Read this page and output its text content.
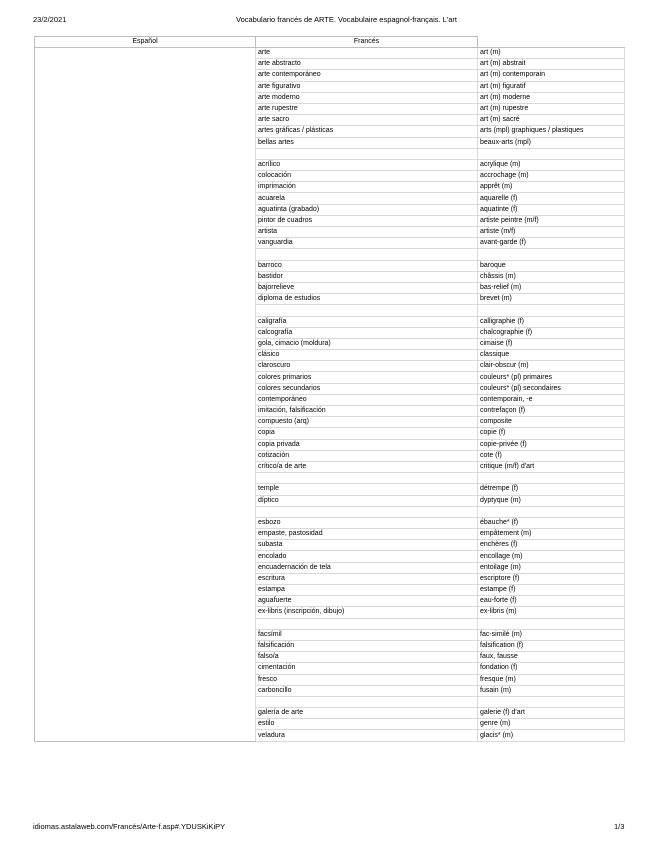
23/2/2021	Vocabulario francés de ARTE. Vocabulaire espagnol-français. L'art
Español	Francés	
	arte	art (m)
	arte abstracto	art (m) abstrait
	arte contemporáneo	art (m) contemporain
	arte figurativo	art (m) figuratif
	arte moderno	art (m) moderne
	arte rupestre	art (m) rupestre
	arte sacro	art (m) sacré
	artes gráficas / plásticas	arts (mpl) graphiques / plastiques
	bellas artes	beaux-arts (mpl)

	acrílico	acrylique (m)
	colocación	accrochage (m)
	imprimación	apprêt (m)
	acuarela	aquarelle (f)
	aguatinta (grabado)	aquatinte (f)
	pintor de cuadros	artiste peintre (m/f)
	artista	artiste (m/f)
	vanguardia	avant-garde (f)

	barroco	baroque
	bastidor	châssis (m)
	bajorrelieve	bas-relief (m)
	diploma de estudios	brevet (m)

	caligrafía	calligraphie (f)
	calcografía	chalcographie (f)
	gola, cimacio (moldura)	cimaise (f)
	clásico	classique
	claroscuro	clair-obscur (m)
	colores primarios	couleurs* (pl) primaires
	colores secundarios	couleurs* (pl) secondaires
	contemporáneo	contemporain, -e
	imitación, falsificación	contrefaçon (f)
	compuesto (arq)	composite
	copia	copie (f)
	copia privada	copie-privée (f)
	cotización	cote (f)
	crítico/a de arte	critique (m/f) d'art

	temple	détrempe (f)
	díptico	dyptyque (m)

	esbozo	ébauche* (f)
	empaste, pastosidad	empâtement (m)
	subasta	enchères (f)
	encolado	encollage (m)
	encuadernación de tela	entoilage (m)
	escritura	escriptore (f)
	estampa	estampe (f)
	aguafuerte	eau-forte (f)
	ex-libris (inscripción, dibujo)	ex-libris (m)

	facsímil	fac-similé (m)
	falsificación	falsification (f)
	falso/a	faux, fausse
	cimentación	fondation (f)
	fresco	fresque (m)
	carboncillo	fusain (m)

	galería de arte	galerie (f) d'art
	estilo	genre (m)
	veladura	glacis* (m)
idiomas.astalaweb.com/Francés/Arte-f.asp#.YDUSKiKiPY	1/3
